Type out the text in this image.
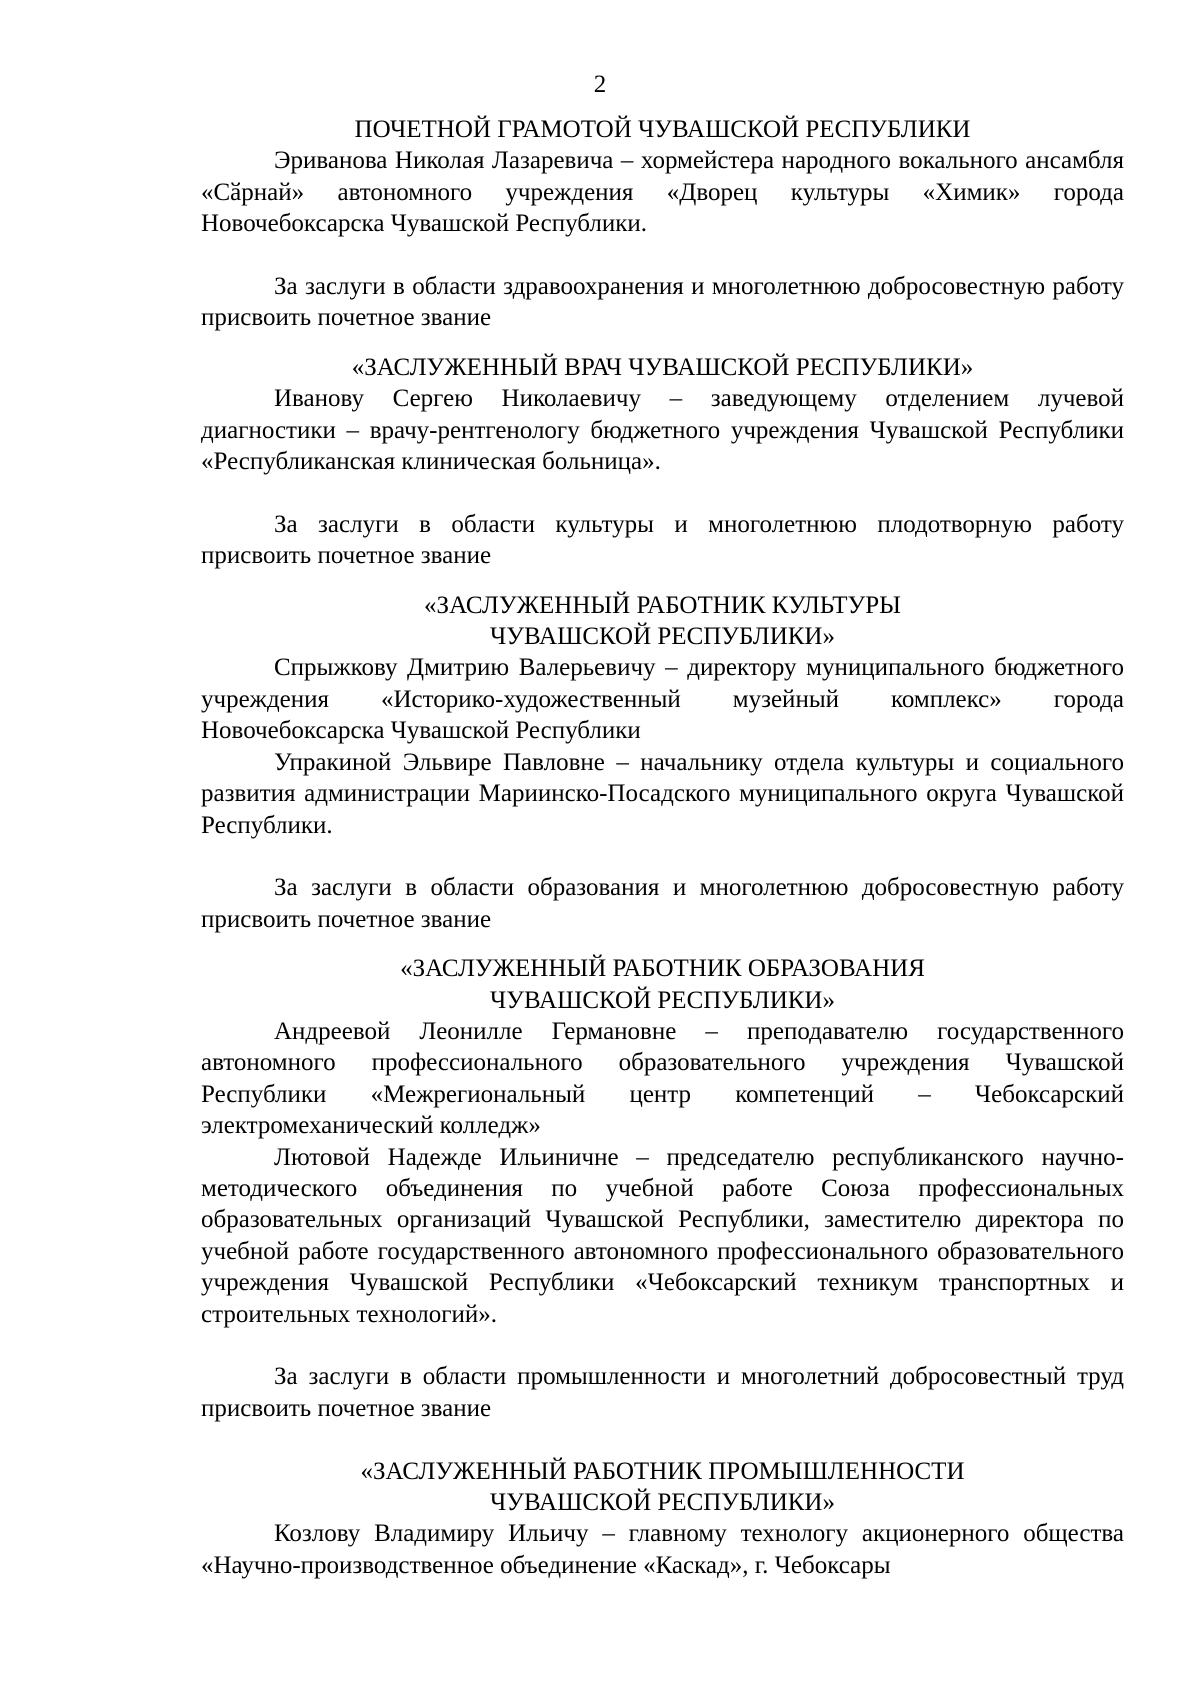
2

ПОЧЕТНОЙ ГРАМОТОЙ ЧУВАШСКОЙ РЕСПУБЛИКИ

Эриванова Николая Лазаревича – хормейстера народного вокального ансамбля «Сӑрнай» автономного учреждения «Дворец культуры «Химик» города Новочебоксарска Чувашской Республики.

За заслуги в области здравоохранения и многолетнюю добросовестную работу присвоить почетное звание

«ЗАСЛУЖЕННЫЙ ВРАЧ ЧУВАШСКОЙ РЕСПУБЛИКИ»

Иванову Сергею Николаевичу – заведующему отделением лучевой диагностики – врачу-рентгенологу бюджетного учреждения Чувашской Республики «Республиканская клиническая больница».

За заслуги в области культуры и многолетнюю плодотворную работу присвоить почетное звание

«ЗАСЛУЖЕННЫЙ РАБОТНИК КУЛЬТУРЫ

ЧУВАШСКОЙ РЕСПУБЛИКИ»

Спрыжкову Дмитрию Валерьевичу – директору муниципального бюджетного учреждения «Историко-художественный музейный комплекс» города Новочебоксарска Чувашской Республики

Упракиной Эльвире Павловне – начальнику отдела культуры и социального развития администрации Мариинско-Посадского муниципального округа Чувашской Республики.

За заслуги в области образования и многолетнюю добросовестную работу присвоить почетное звание

«ЗАСЛУЖЕННЫЙ РАБОТНИК ОБРАЗОВАНИЯ

ЧУВАШСКОЙ РЕСПУБЛИКИ»

Андреевой Леонилле Германовне – преподавателю государственного автономного профессионального образовательного учреждения Чувашской Республики «Межрегиональный центр компетенций – Чебоксарский электромеханический колледж»

Лютовой Надежде Ильиничне – председателю республиканского научно-методического объединения по учебной работе Союза профессиональных образовательных организаций Чувашской Республики, заместителю директора по учебной работе государственного автономного профессионального образовательного учреждения Чувашской Республики «Чебоксарский техникум транспортных и строительных технологий».

За заслуги в области промышленности и многолетний добросовестный труд присвоить почетное звание

«ЗАСЛУЖЕННЫЙ РАБОТНИК ПРОМЫШЛЕННОСТИ

ЧУВАШСКОЙ РЕСПУБЛИКИ»

Козлову Владимиру Ильичу – главному технологу акционерного общества «Научно-производственное объединение «Каскад», г. Чебоксары
